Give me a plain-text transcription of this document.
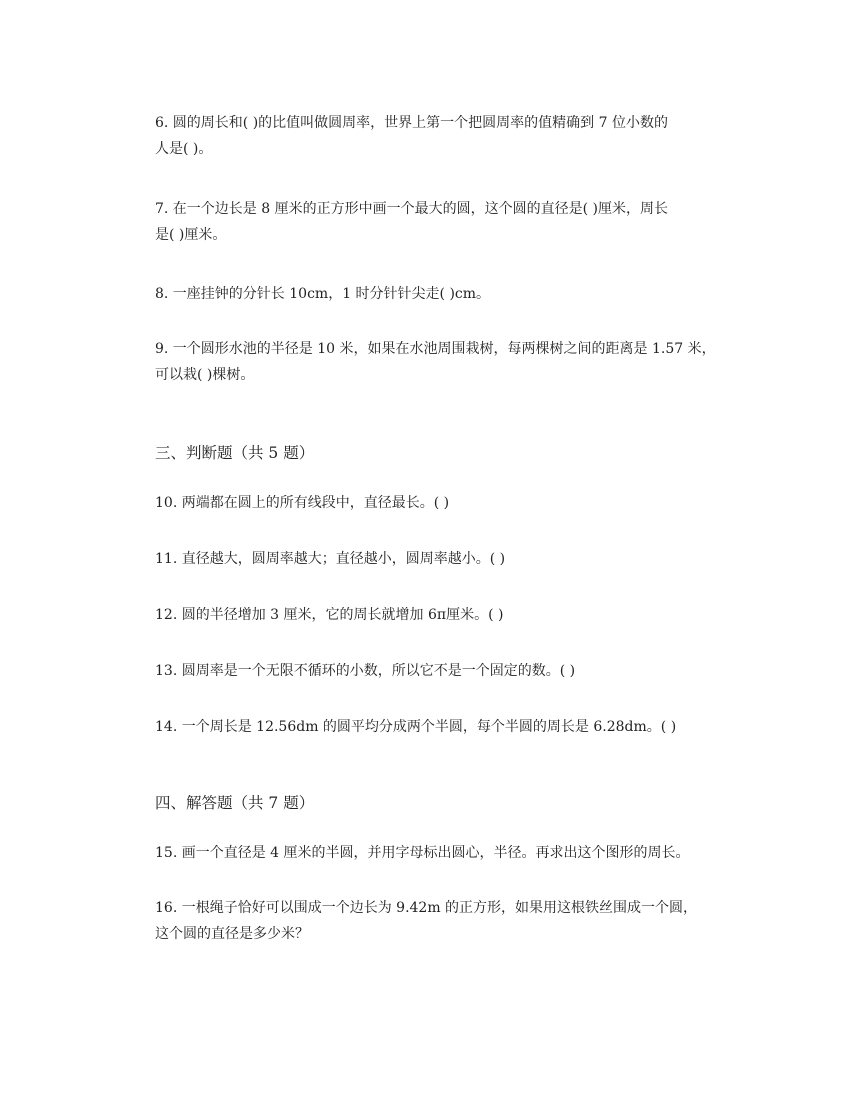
6. 圆的周长和( )的比值叫做圆周率，世界上第一个把圆周率的值精确到 7 位小数的
人是( )。
7. 在一个边长是 8 厘米的正方形中画一个最大的圆，这个圆的直径是( )厘米，周长
是( )厘米。
8. 一座挂钟的分针长 10cm，1 时分针针尖走( )cm。
9. 一个圆形水池的半径是 10 米，如果在水池周围栽树，每两棵树之间的距离是 1.57 米，
可以栽( )棵树。
三、判断题（共 5 题）
10. 两端都在圆上的所有线段中，直径最长。( )
11. 直径越大，圆周率越大；直径越小，圆周率越小。( )
12. 圆的半径增加 3 厘米，它的周长就增加 6π厘米。( )
13. 圆周率是一个无限不循环的小数，所以它不是一个固定的数。( )
14. 一个周长是 12.56dm 的圆平均分成两个半圆，每个半圆的周长是 6.28dm。( )
四、解答题（共 7 题）
15. 画一个直径是 4 厘米的半圆，并用字母标出圆心，半径。再求出这个图形的周长。
16. 一根绳子恰好可以围成一个边长为 9.42m 的正方形，如果用这根铁丝围成一个圆，
这个圆的直径是多少米？
